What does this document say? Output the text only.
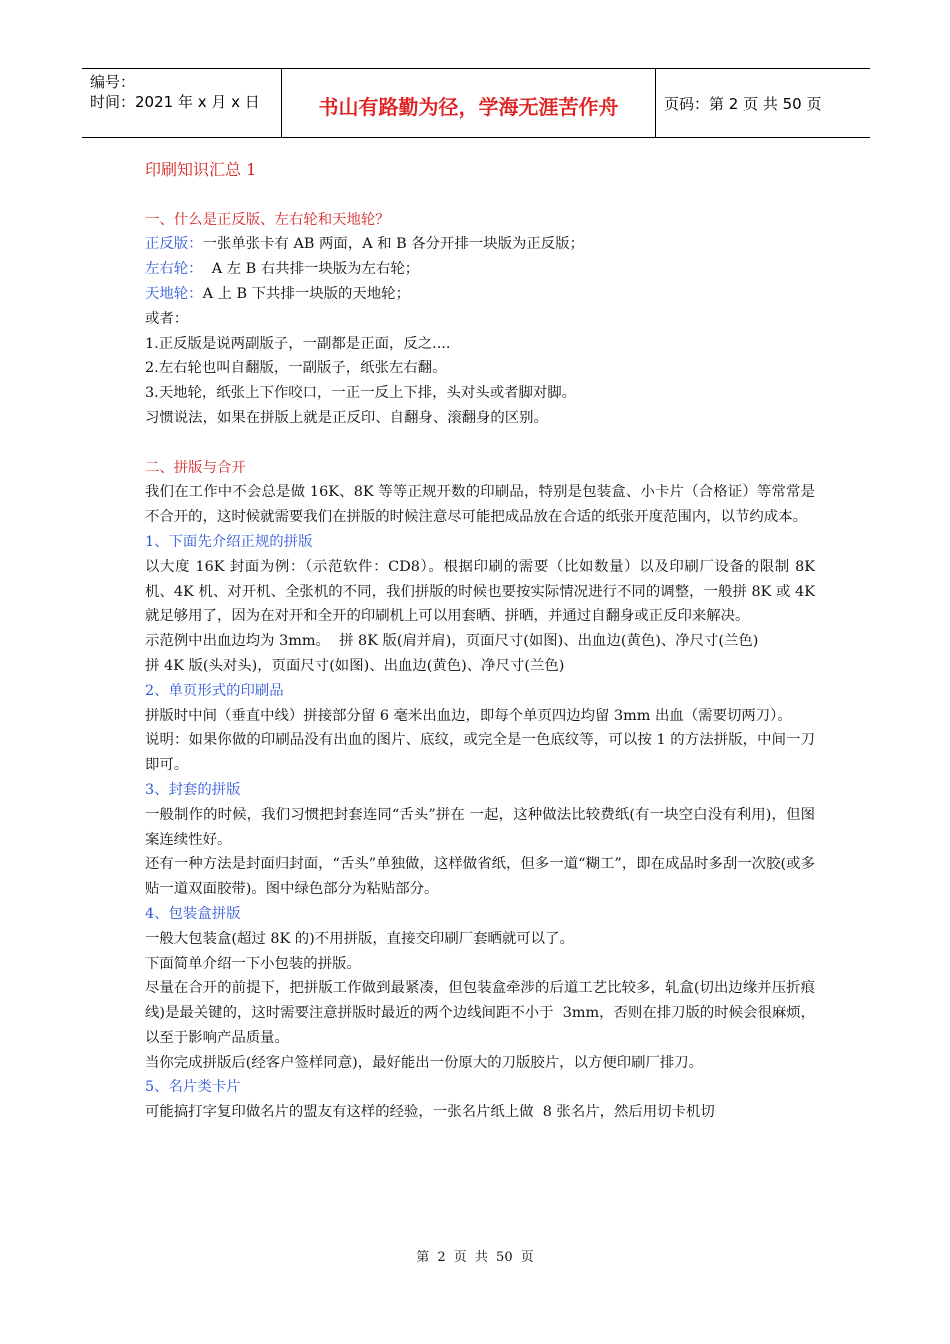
编号：
时间：2021 年 x 月 x 日	书山有路勤为径，学海无涯苦作舟	页码：第 2 页 共 50 页

印刷知识汇总 1

一、什么是正反版、左右轮和天地轮？

正反版：一张单张卡有 AB 两面，A 和 B 各分开排一块版为正反版；

左右轮：  A 左 B 右共排一块版为左右轮；

天地轮：A 上 B 下共排一块版的天地轮；

或者：

1.正反版是说两副版子，一副都是正面，反之....

2.左右轮也叫自翻版，一副版子，纸张左右翻。

3.天地轮，纸张上下作咬口，一正一反上下排，头对头或者脚对脚。

习惯说法，如果在拼版上就是正反印、自翻身、滚翻身的区别。

二、拼版与合开

我们在工作中不会总是做 16K、8K 等等正规开数的印刷品，特别是包装盒、小卡片（合格证）等常常是不合开的，这时候就需要我们在拼版的时候注意尽可能把成品放在合适的纸张开度范围内，以节约成本。

1、下面先介绍正规的拼版

以大度 16K 封面为例：（示范软件：CD8）。根据印刷的需要（比如数量）以及印刷厂设备的限制 8K 机、4K 机、对开机、全张机的不同，我们拼版的时候也要按实际情况进行不同的调整，一般拼 8K 或 4K 就足够用了，因为在对开和全开的印刷机上可以用套晒、拼晒，并通过自翻身或正反印来解决。

示范例中出血边均为 3mm。  拼 8K 版(肩并肩)，页面尺寸(如图)、出血边(黄色)、净尺寸(兰色)

拼 4K 版(头对头)，页面尺寸(如图)、出血边(黄色)、净尺寸(兰色)

2、单页形式的印刷品

拼版时中间（垂直中线）拼接部分留 6 毫米出血边，即每个单页四边均留 3mm 出血（需要切两刀）。

说明：如果你做的印刷品没有出血的图片、底纹，或完全是一色底纹等，可以按 1 的方法拼版，中间一刀即可。

3、封套的拼版

一般制作的时候，我们习惯把封套连同“舌头”拼在 一起，这种做法比较费纸(有一块空白没有利用)，但图案连续性好。

还有一种方法是封面归封面，“舌头”单独做，这样做省纸，但多一道“糊工”，即在成品时多刮一次胶(或多贴一道双面胶带)。图中绿色部分为粘贴部分。

4、包装盒拼版

一般大包装盒(超过 8K 的)不用拼版，直接交印刷厂套晒就可以了。

下面简单介绍一下小包装的拼版。

尽量在合开的前提下，把拼版工作做到最紧凑，但包装盒牵涉的后道工艺比较多，轧盒(切出边缘并压折痕线)是最关键的，这时需要注意拼版时最近的两个边线间距不小于  3mm，否则在排刀版的时候会很麻烦，以至于影响产品质量。

当你完成拼版后(经客户签样同意)，最好能出一份原大的刀版胶片，以方便印刷厂排刀。

5、名片类卡片

可能搞打字复印做名片的盟友有这样的经验，一张名片纸上做  8 张名片，然后用切卡机切

第 2 页 共 50 页
